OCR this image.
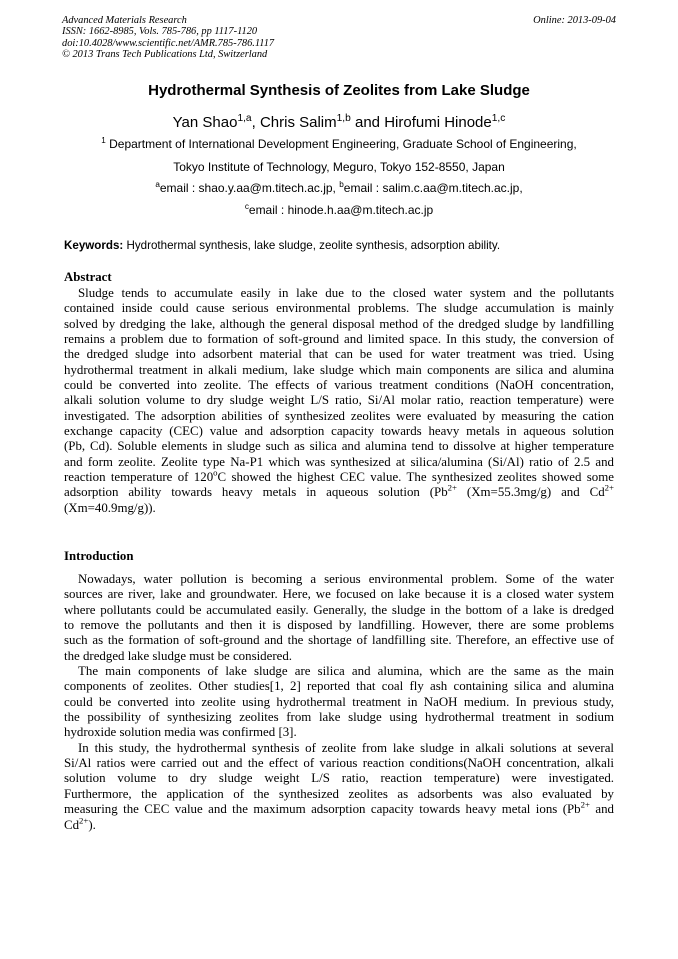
Advanced Materials Research
ISSN: 1662-8985, Vols. 785-786, pp 1117-1120
doi:10.4028/www.scientific.net/AMR.785-786.1117
© 2013 Trans Tech Publications Ltd, Switzerland
Online: 2013-09-04
Hydrothermal Synthesis of Zeolites from Lake Sludge
Yan Shao$^{1,a}$, Chris Salim$^{1,b}$ and Hirofumi Hinode$^{1,c}$
$^1$ Department of International Development Engineering, Graduate School of Engineering,
Tokyo Institute of Technology, Meguro, Tokyo 152-8550, Japan
$^a$email : shao.y.aa@m.titech.ac.jp, $^b$email : salim.c.aa@m.titech.ac.jp,
$^c$email : hinode.h.aa@m.titech.ac.jp
Keywords: Hydrothermal synthesis, lake sludge, zeolite synthesis, adsorption ability.
Abstract
Sludge tends to accumulate easily in lake due to the closed water system and the pollutants
contained inside could cause serious environmental problems. The sludge accumulation is mainly
solved by dredging the lake, although the general disposal method of the dredged sludge by landfilling
remains a problem due to formation of soft-ground and limited space. In this study, the conversion of
the dredged sludge into adsorbent material that can be used for water treatment was tried. Using
hydrothermal treatment in alkali medium, lake sludge which main components are silica and alumina
could be converted into zeolite. The effects of various treatment conditions (NaOH concentration,
alkali solution volume to dry sludge weight L/S ratio, Si/Al molar ratio, reaction temperature) were
investigated. The adsorption abilities of synthesized zeolites were evaluated by measuring the cation
exchange capacity (CEC) value and adsorption capacity towards heavy metals in aqueous solution
(Pb, Cd). Soluble elements in sludge such as silica and alumina tend to dissolve at higher temperature
and form zeolite. Zeolite type Na-P1 which was synthesized at silica/alumina (Si/Al) ratio of 2.5 and
reaction temperature of 120$^o$C showed the highest CEC value. The synthesized zeolites showed some
adsorption ability towards heavy metals in aqueous solution ($Pb^{2+}$ (Xm=55.3mg/g) and $Cd^{2+}$
(Xm=40.9mg/g)).
Introduction
Nowadays, water pollution is becoming a serious environmental problem. Some of the water
sources are river, lake and groundwater. Here, we focused on lake because it is a closed water system
where pollutants could be accumulated easily. Generally, the sludge in the bottom of a lake is dredged
to remove the pollutants and then it is disposed by landfilling. However, there are some problems
such as the formation of soft-ground and the shortage of landfilling site. Therefore, an effective use of
the dredged lake sludge must be considered.
The main components of lake sludge are silica and alumina, which are the same as the main
components of zeolites. Other studies[1, 2] reported that coal fly ash containing silica and alumina
could be converted into zeolite using hydrothermal treatment in NaOH medium. In previous study,
the possibility of synthesizing zeolites from lake sludge using hydrothermal treatment in sodium
hydroxide solution media was confirmed [3].
In this study, the hydrothermal synthesis of zeolite from lake sludge in alkali solutions at several
Si/Al ratios were carried out and the effect of various reaction conditions(NaOH concentration, alkali
solution volume to dry sludge weight L/S ratio, reaction temperature) were investigated.
Furthermore, the application of the synthesized zeolites as adsorbents was also evaluated by
measuring the CEC value and the maximum adsorption capacity towards heavy metal ions ($Pb^{2+}$ and
$Cd^{2+}$).
